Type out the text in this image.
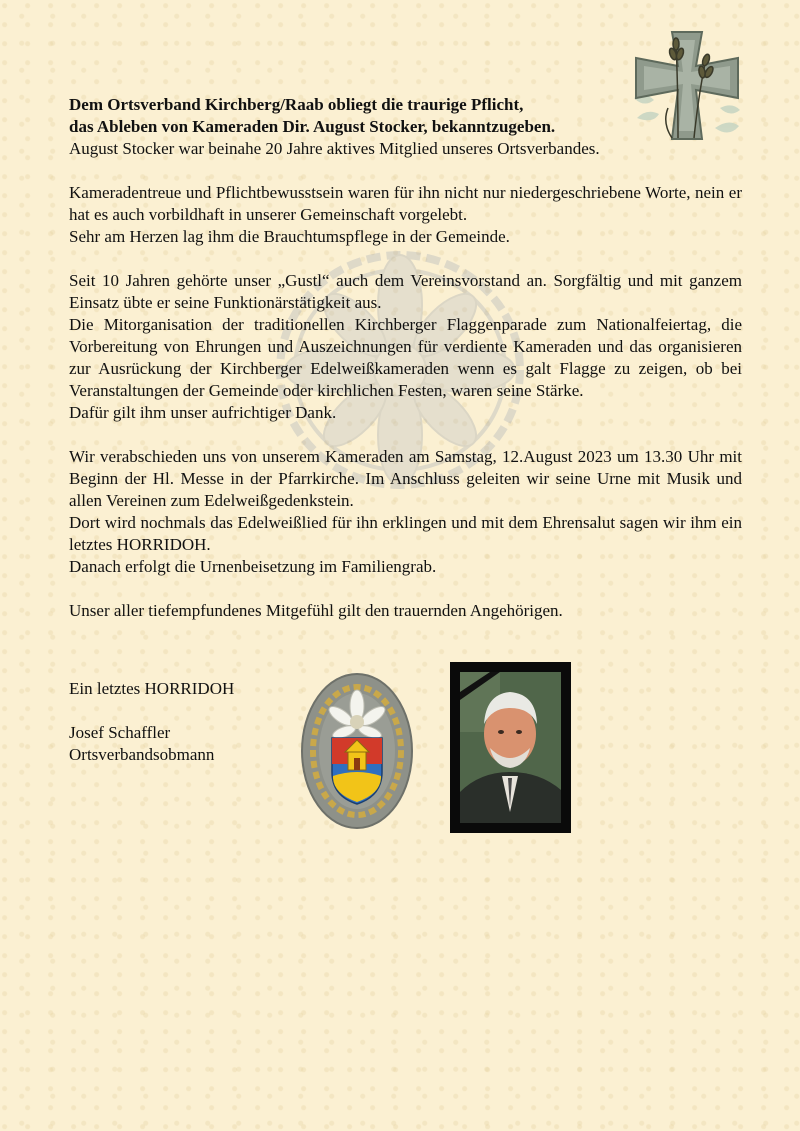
Dem Ortsverband Kirchberg/Raab obliegt die traurige Pflicht,
das Ableben von Kameraden Dir. August Stocker, bekanntzugeben.

August Stocker war beinahe 20 Jahre aktives Mitglied unseres Ortsverbandes.

Kameradentreue und Pflichtbewusstsein waren für ihn nicht nur niedergeschriebene Worte, nein er hat es auch vorbildhaft in unserer Gemeinschaft vorgelebt.
Sehr am Herzen lag ihm die Brauchtumspflege in der Gemeinde.

Seit 10 Jahren gehörte unser „Gustl“ auch dem Vereinsvorstand an. Sorgfältig und mit ganzem Einsatz übte er seine Funktionärstätigkeit aus.
Die Mitorganisation der traditionellen Kirchberger Flaggenparade zum Nationalfeiertag, die Vorbereitung von Ehrungen und Auszeichnungen für verdiente Kameraden und das organisieren zur Ausrückung der Kirchberger Edelweißkameraden wenn es galt Flagge zu zeigen, ob bei Veranstaltungen der Gemeinde oder kirchlichen Festen, waren seine Stärke.
Dafür gilt ihm unser aufrichtiger Dank.

Wir verabschieden uns von unserem Kameraden am Samstag, 12.August 2023 um 13.30 Uhr mit Beginn der Hl. Messe in der Pfarrkirche. Im Anschluss geleiten wir seine Urne mit Musik und allen Vereinen zum Edelweißgedenkstein.
Dort wird nochmals das Edelweißlied für ihn erklingen und mit dem Ehrensalut sagen wir ihm ein letztes HORRIDOH.
Danach erfolgt die Urnenbeisetzung im Familiengrab.

Unser aller tiefempfundenes Mitgefühl gilt den trauernden Angehörigen.

Ein letztes HORRIDOH
Josef Schaffler
Ortsverbandsobmann
